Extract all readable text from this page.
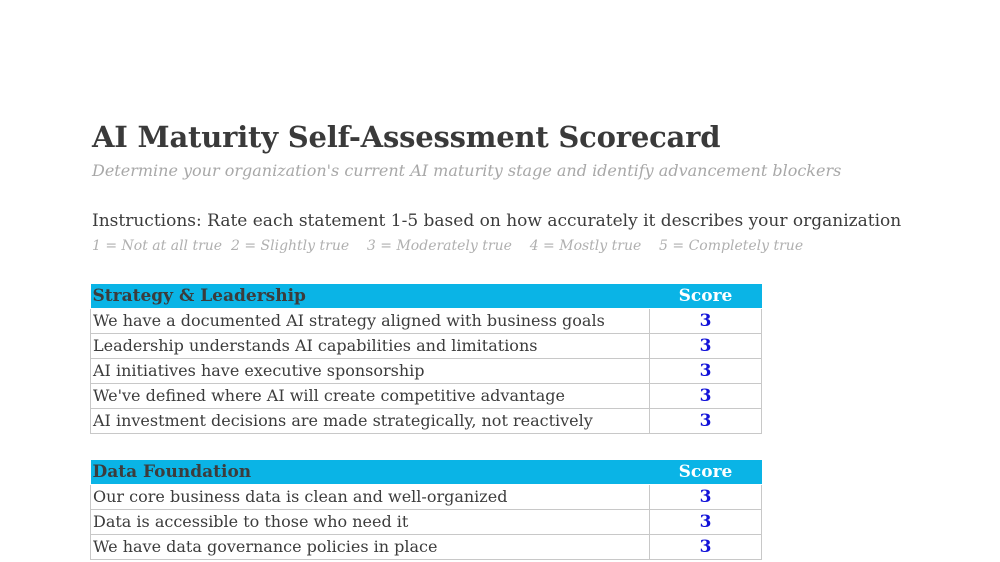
AI Maturity Self-Assessment Scorecard
Determine your organization's current AI maturity stage and identify advancement blockers
Instructions: Rate each statement 1-5 based on how accurately it describes your organization
1 = Not at all true  2 = Slightly true    3 = Moderately true    4 = Mostly true    5 = Completely true
Strategy & Leadership	Score
We have a documented AI strategy aligned with business goals	3
Leadership understands AI capabilities and limitations	3
AI initiatives have executive sponsorship	3
We've defined where AI will create competitive advantage	3
AI investment decisions are made strategically, not reactively	3
Data Foundation	Score
Our core business data is clean and well-organized	3
Data is accessible to those who need it	3
We have data governance policies in place	3
